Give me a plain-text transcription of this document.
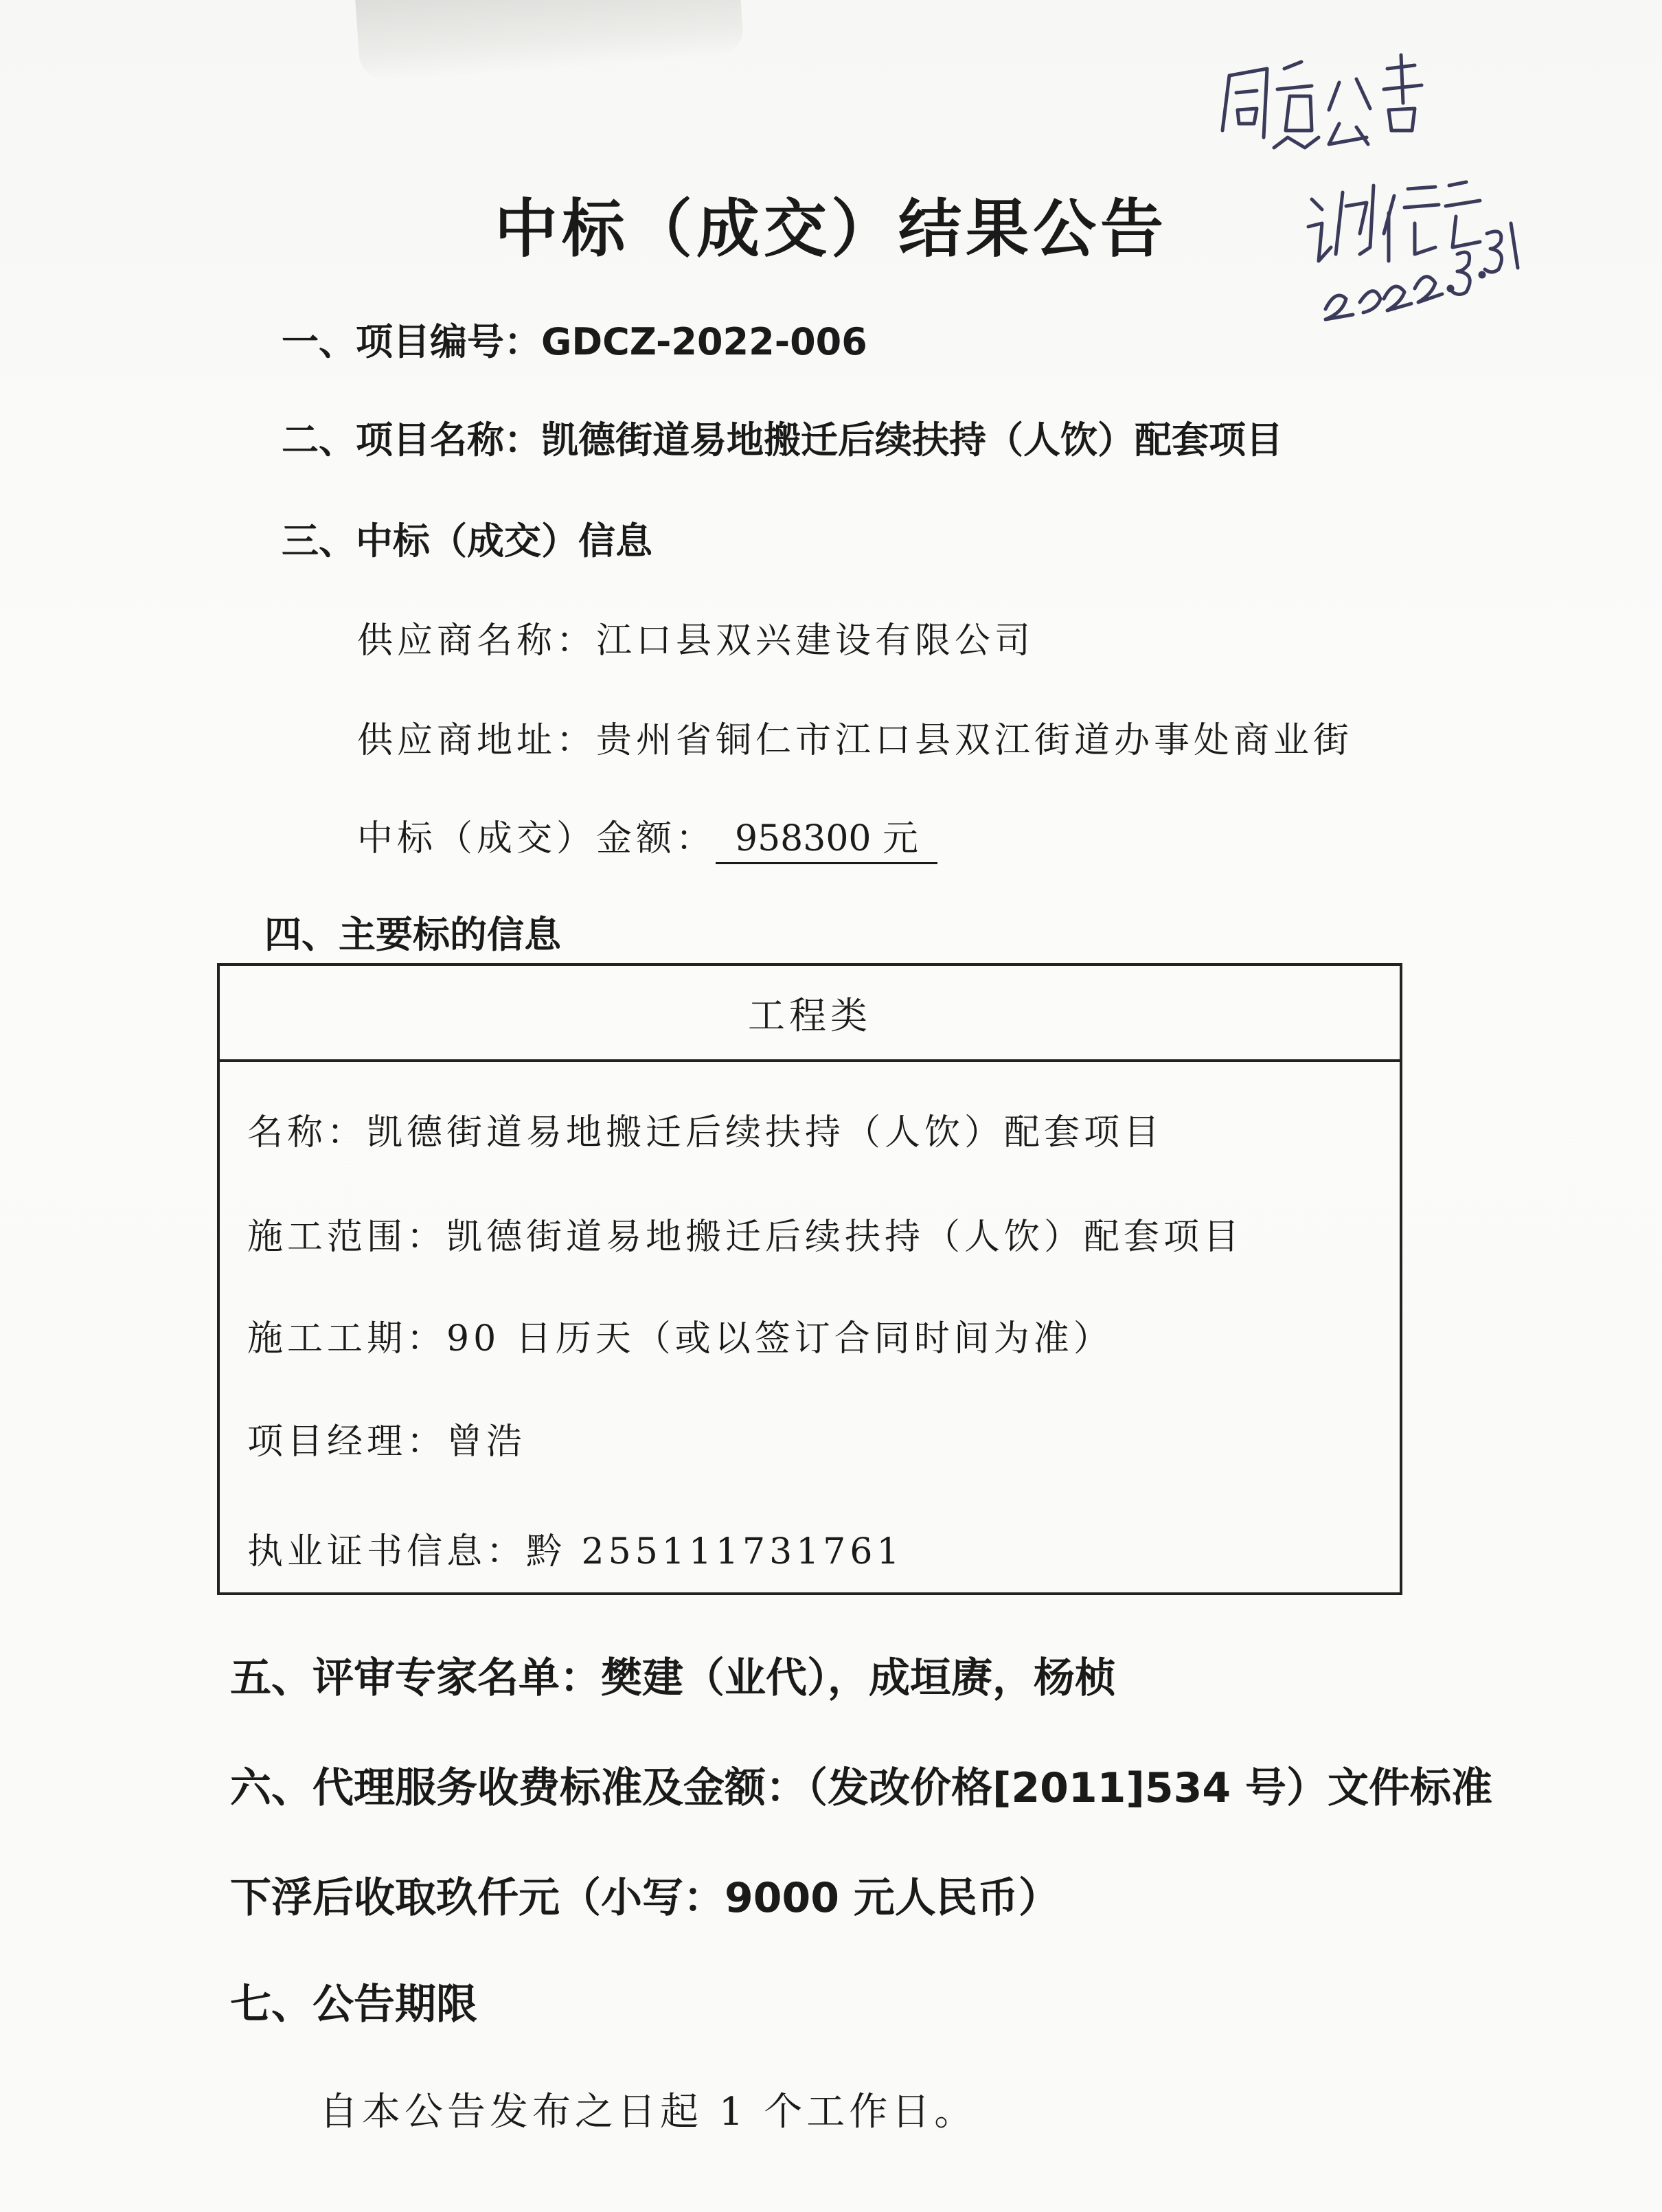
中标（成交）结果公告
一、项目编号：GDCZ-2022-006
二、项目名称：凯德街道易地搬迁后续扶持（人饮）配套项目
三、中标（成交）信息
供应商名称：江口县双兴建设有限公司
供应商地址：贵州省铜仁市江口县双江街道办事处商业街
中标（成交）金额： 958300 元
四、主要标的信息
工程类
名称：凯德街道易地搬迁后续扶持（人饮）配套项目
施工范围：凯德街道易地搬迁后续扶持（人饮）配套项目
施工工期：90 日历天（或以签订合同时间为准）
项目经理：曾浩
执业证书信息：黔 255111731761
五、评审专家名单：樊建（业代），成垣赓，杨桢
六、代理服务收费标准及金额：（发改价格[2011]534 号）文件标准
下浮后收取玖仟元（小写：9000 元人民币）
七、公告期限
自本公告发布之日起 1 个工作日。
